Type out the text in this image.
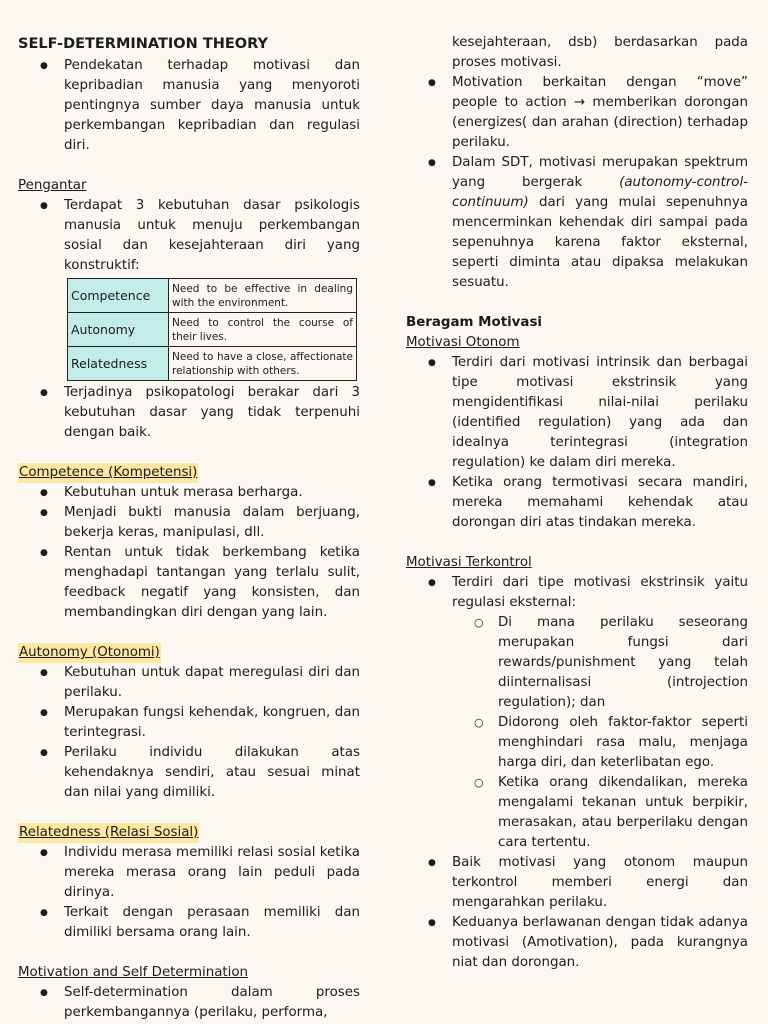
SELF-DETERMINATION THEORY
● Pendekatan terhadap motivasi dan kepribadian manusia yang menyoroti pentingnya sumber daya manusia untuk perkembangan kepribadian dan regulasi diri.
Pengantar
● Terdapat 3 kebutuhan dasar psikologis manusia untuk menuju perkembangan sosial dan kesejahteraan diri yang konstruktif:
Competence	Need to be effective in dealing with the environment.
Autonomy	Need to control the course of their lives.
Relatedness	Need to have a close, affectionate relationship with others.
● Terjadinya psikopatologi berakar dari 3 kebutuhan dasar yang tidak terpenuhi dengan baik.
Competence (Kompetensi)
● Kebutuhan untuk merasa berharga.
● Menjadi bukti manusia dalam berjuang, bekerja keras, manipulasi, dll.
● Rentan untuk tidak berkembang ketika menghadapi tantangan yang terlalu sulit, feedback negatif yang konsisten, dan membandingkan diri dengan yang lain.
Autonomy (Otonomi)
● Kebutuhan untuk dapat meregulasi diri dan perilaku.
● Merupakan fungsi kehendak, kongruen, dan terintegrasi.
● Perilaku individu dilakukan atas kehendaknya sendiri, atau sesuai minat dan nilai yang dimiliki.
Relatedness (Relasi Sosial)
● Individu merasa memiliki relasi sosial ketika mereka merasa orang lain peduli pada dirinya.
● Terkait dengan perasaan memiliki dan dimiliki bersama orang lain.
Motivation and Self Determination
● Self-determination dalam proses perkembangannya (perilaku, performa,
kesejahteraan, dsb) berdasarkan pada proses motivasi.
● Motivation berkaitan dengan “move” people to action → memberikan dorongan (energizes( dan arahan (direction) terhadap perilaku.
● Dalam SDT, motivasi merupakan spektrum yang bergerak (autonomy-control-continuum) dari yang mulai sepenuhnya mencerminkan kehendak diri sampai pada sepenuhnya karena faktor eksternal, seperti diminta atau dipaksa melakukan sesuatu.
Beragam Motivasi
Motivasi Otonom
● Terdiri dari motivasi intrinsik dan berbagai tipe motivasi ekstrinsik yang mengidentifikasi nilai-nilai perilaku (identified regulation) yang ada dan idealnya terintegrasi (integration regulation) ke dalam diri mereka.
● Ketika orang termotivasi secara mandiri, mereka memahami kehendak atau dorongan diri atas tindakan mereka.
Motivasi Terkontrol
● Terdiri dari tipe motivasi ekstrinsik yaitu regulasi eksternal:
○ Di mana perilaku seseorang merupakan fungsi dari rewards/punishment yang telah diinternalisasi (introjection regulation); dan
○ Didorong oleh faktor-faktor seperti menghindari rasa malu, menjaga harga diri, dan keterlibatan ego.
○ Ketika orang dikendalikan, mereka mengalami tekanan untuk berpikir, merasakan, atau berperilaku dengan cara tertentu.
● Baik motivasi yang otonom maupun terkontrol memberi energi dan mengarahkan perilaku.
● Keduanya berlawanan dengan tidak adanya motivasi (Amotivation), pada kurangnya niat dan dorongan.
